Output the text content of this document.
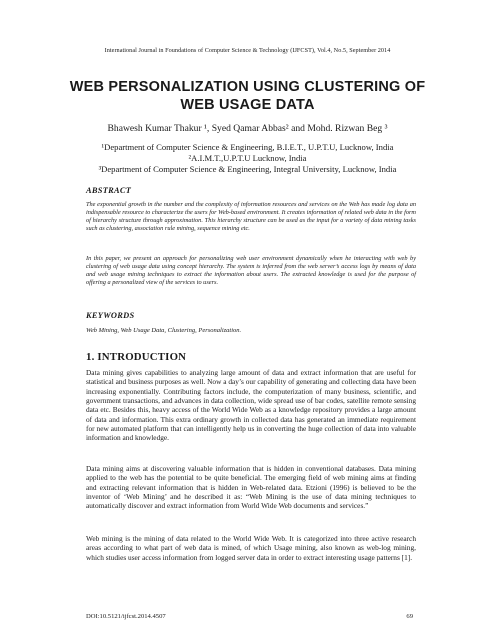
International Journal in Foundations of Computer Science & Technology (IJFCST), Vol.4, No.5, September 2014
WEB PERSONALIZATION USING CLUSTERING OF
WEB USAGE DATA
Bhawesh Kumar Thakur ¹, Syed Qamar Abbas² and Mohd. Rizwan Beg ³
¹Department of Computer Science & Engineering, B.I.E.T., U.P.T.U, Lucknow, India
²A.I.M.T.,U.P.T.U Lucknow, India
³Department of Computer Science & Engineering, Integral University, Lucknow, India
ABSTRACT
The exponential growth in the number and the complexity of information resources and services on the Web has made log data an indispensable resource to characterize the users for Web-based environment. It creates information of related web data in the form of hierarchy structure through approximation. This hierarchy structure can be used as the input for a variety of data mining tasks such as clustering, association rule mining, sequence mining etc.
In this paper, we present an approach for personalizing web user environment dynamically when he interacting with web by clustering of web usage data using concept hierarchy. The system is inferred from the web server’s access logs by means of data and web usage mining techniques to extract the information about users. The extracted knowledge is used for the purpose of offering a personalized view of the services to users.
KEYWORDS
Web Mining, Web Usage Data, Clustering, Personalization.
1. INTRODUCTION
Data mining gives capabilities to analyzing large amount of data and extract information that are useful for statistical and business purposes as well. Now a day’s our capability of generating and collecting data have been increasing exponentially. Contributing factors include, the computerization of many business, scientific, and government transactions, and advances in data collection, wide spread use of bar codes, satellite remote sensing data etc. Besides this, heavy access of the World Wide Web as a knowledge repository provides a large amount of data and information. This extra ordinary growth in collected data has generated an immediate requirement for new automated platform that can intelligently help us in converting the huge collection of data into valuable information and knowledge.
Data mining aims at discovering valuable information that is hidden in conventional databases. Data mining applied to the web has the potential to be quite beneficial. The emerging field of web mining aims at finding and extracting relevant information that is hidden in Web-related data. Etzioni (1996) is believed to be the inventor of ‘Web Mining’ and he described it as: “Web Mining is the use of data mining techniques to automatically discover and extract information from World Wide Web documents and services.”
Web mining is the mining of data related to the World Wide Web. It is categorized into three active research areas according to what part of web data is mined, of which Usage mining, also known as web-log mining, which studies user access information from logged server data in order to extract interesting usage patterns [1].
DOI:10.5121/ijfcst.2014.4507	69
